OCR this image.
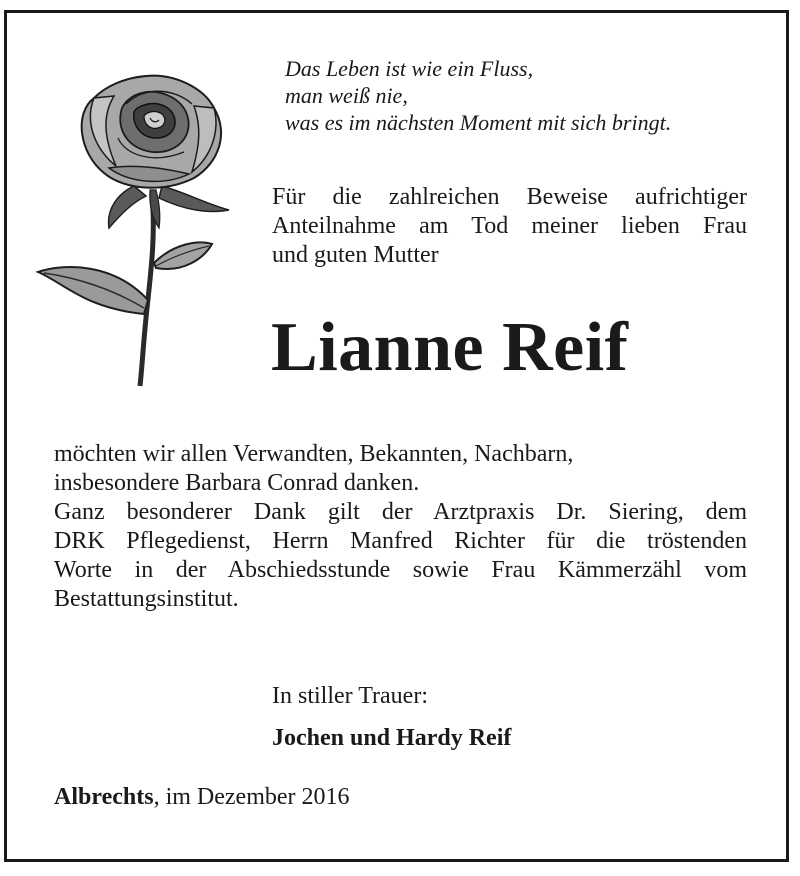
Das Leben ist wie ein Fluss,
man weiß nie,
was es im nächsten Moment mit sich bringt.
Für die zahlreichen Beweise aufrichtiger
Anteilnahme am Tod meiner lieben Frau
und guten Mutter
Lianne Reif
möchten wir allen Verwandten, Bekannten, Nachbarn,
insbesondere Barbara Conrad danken.
Ganz besonderer Dank gilt der Arztpraxis Dr. Siering, dem
DRK Pflegedienst, Herrn Manfred Richter für die tröstenden
Worte in der Abschiedsstunde sowie Frau Kämmerzähl vom
Bestattungsinstitut.
In stiller Trauer:
Jochen und Hardy Reif
Albrechts, im Dezember 2016
